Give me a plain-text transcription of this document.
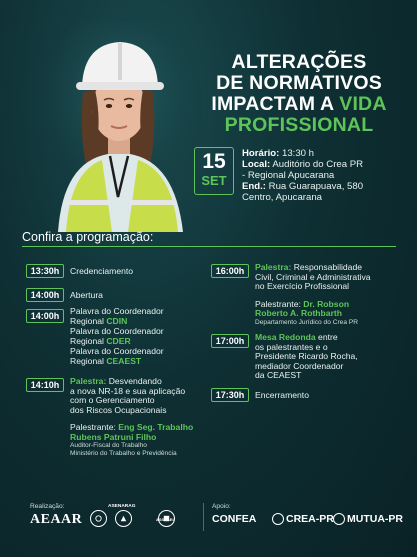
ALTERAÇÕES
DE NORMATIVOS
IMPACTAM A VIDA
PROFISSIONAL
15
SET
Horário: 13:30 h
Local: Auditório do Crea PR
- Regional Apucarana
End.: Rua Guarapuava, 580
Centro, Apucarana
Confira a programação:
13:30h	Credenciamento
14:00h	Abertura
14:00h	Palavra do Coordenador
Regional CDIN
Palavra do Coordenador
Regional CDER
Palavra do Coordenador
Regional CEAEST
14:10h	Palestra: Desvendando
a nova NR-18 e sua aplicação
com o Gerenciamento
dos Riscos Ocupacionais
Palestrante: Eng Seg. Trabalho
Rubens Patruni Filho
Auditor-Fiscal do Trabalho
Ministério do Trabalho e Previdência
16:00h	Palestra: Responsabilidade
Civil, Criminal e Administrativa
no Exercício Profissional
Palestrante: Dr. Robson
Roberto A. Rothbarth
Departamento Jurídico do Crea PR
17:00h	Mesa Redonda entre
os palestrantes e o
Presidente Ricardo Rocha,
mediador Coordenador
da CEAEST
17:30h	Encerramento
Realização:
AEAAR
ASENARAG
ASSEAEI
Apoio:
CONFEA	CREA-PR	MUTUA-PR
